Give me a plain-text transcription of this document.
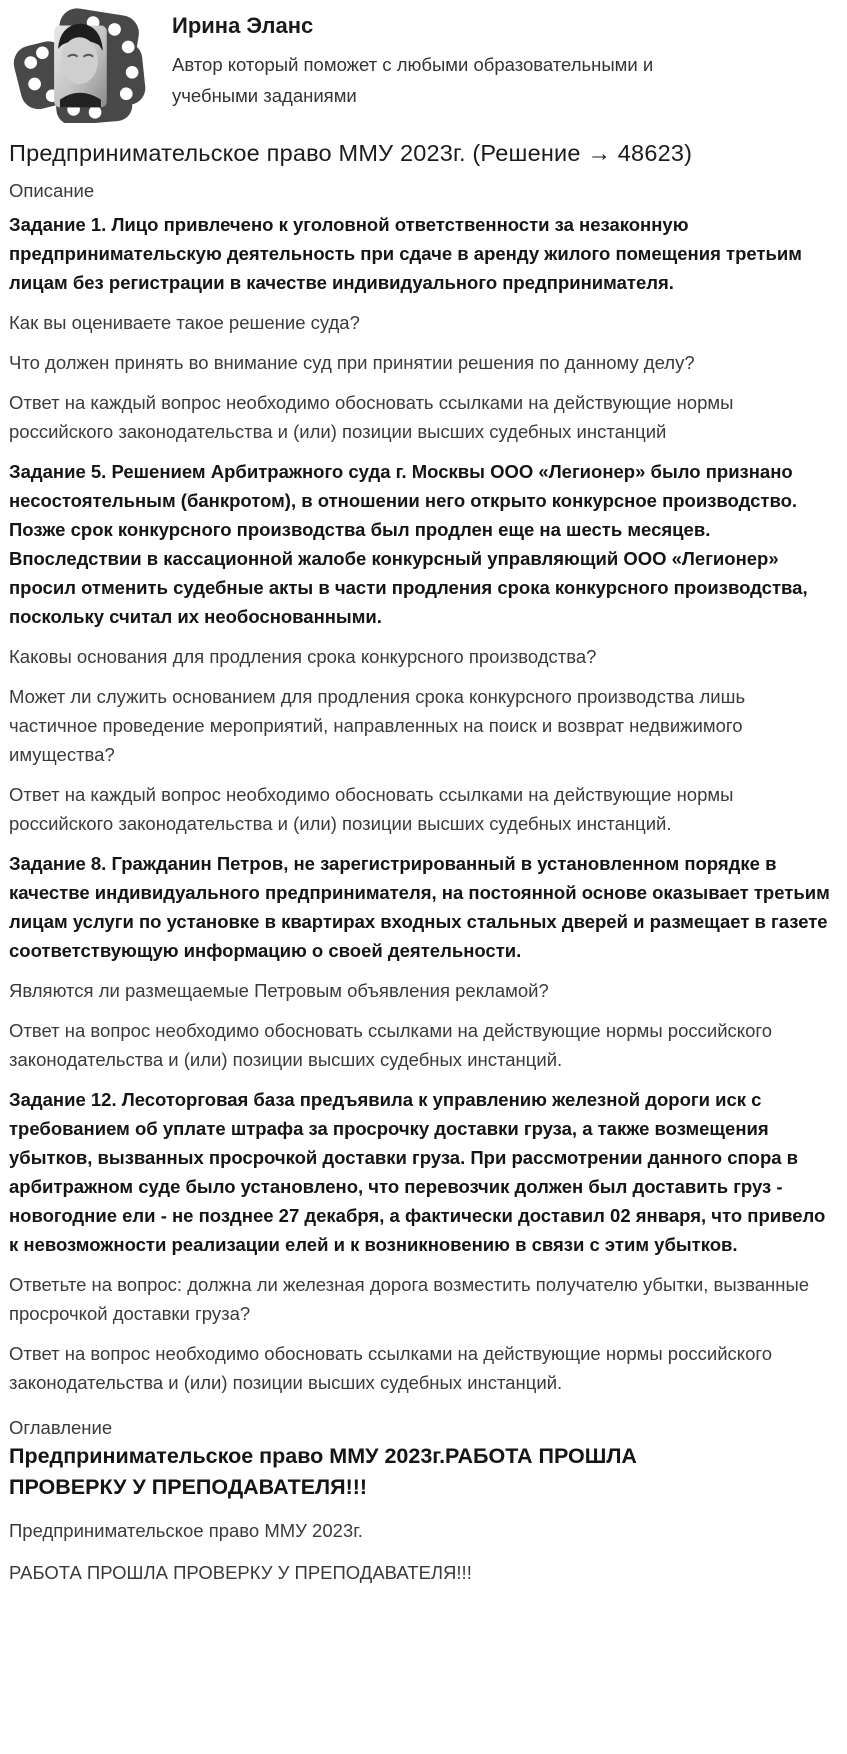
Ирина Эланс

Автор который поможет с любыми образовательными и учебными заданиями

Предпринимательское право ММУ 2023г. (Решение → 48623)
Описание

Задание 1. Лицо привлечено к уголовной ответственности за незаконную предпринимательскую деятельность при сдаче в аренду жилого помещения третьим лицам без регистрации в качестве индивидуального предпринимателя.

Как вы оцениваете такое решение суда?

Что должен принять во внимание суд при принятии решения по данному делу?

Ответ на каждый вопрос необходимо обосновать ссылками на действующие нормы российского законодательства и (или) позиции высших судебных инстанций

Задание 5. Решением Арбитражного суда г. Москвы ООО «Легионер» было признано несостоятельным (банкротом), в отношении него открыто конкурсное производство. Позже срок конкурсного производства был продлен еще на шесть месяцев. Впоследствии в кассационной жалобе конкурсный управляющий ООО «Легионер» просил отменить судебные акты в части продления срока конкурсного производства, поскольку считал их необоснованными.

Каковы основания для продления срока конкурсного производства?

Может ли служить основанием для продления срока конкурсного производства лишь частичное проведение мероприятий, направленных на поиск и возврат недвижимого имущества?

Ответ на каждый вопрос необходимо обосновать ссылками на действующие нормы российского законодательства и (или) позиции высших судебных инстанций.

Задание 8. Гражданин Петров, не зарегистрированный в установленном порядке в качестве индивидуального предпринимателя, на постоянной основе оказывает третьим лицам услуги по установке в квартирах входных стальных дверей и размещает в газете соответствующую информацию о своей деятельности.

Являются ли размещаемые Петровым объявления рекламой?

Ответ на вопрос необходимо обосновать ссылками на действующие нормы российского законодательства и (или) позиции высших судебных инстанций.

Задание 12. Лесоторговая база предъявила к управлению железной дороги иск с требованием об уплате штрафа за просрочку доставки груза, а также возмещения убытков, вызванных просрочкой доставки груза. При рассмотрении данного спора в арбитражном суде было установлено, что перевозчик должен был доставить груз - новогодние ели - не позднее 27 декабря, а фактически доставил 02 января, что привело к невозможности реализации елей и к возникновению в связи с этим убытков.

Ответьте на вопрос: должна ли железная дорога возместить получателю убытки, вызванные просрочкой доставки груза?

Ответ на вопрос необходимо обосновать ссылками на действующие нормы российского законодательства и (или) позиции высших судебных инстанций.

Оглавление
Предпринимательское право ММУ 2023г.РАБОТА ПРОШЛА ПРОВЕРКУ У ПРЕПОДАВАТЕЛЯ!!!

Предпринимательское право ММУ 2023г.

РАБОТА ПРОШЛА ПРОВЕРКУ У ПРЕПОДАВАТЕЛЯ!!!
